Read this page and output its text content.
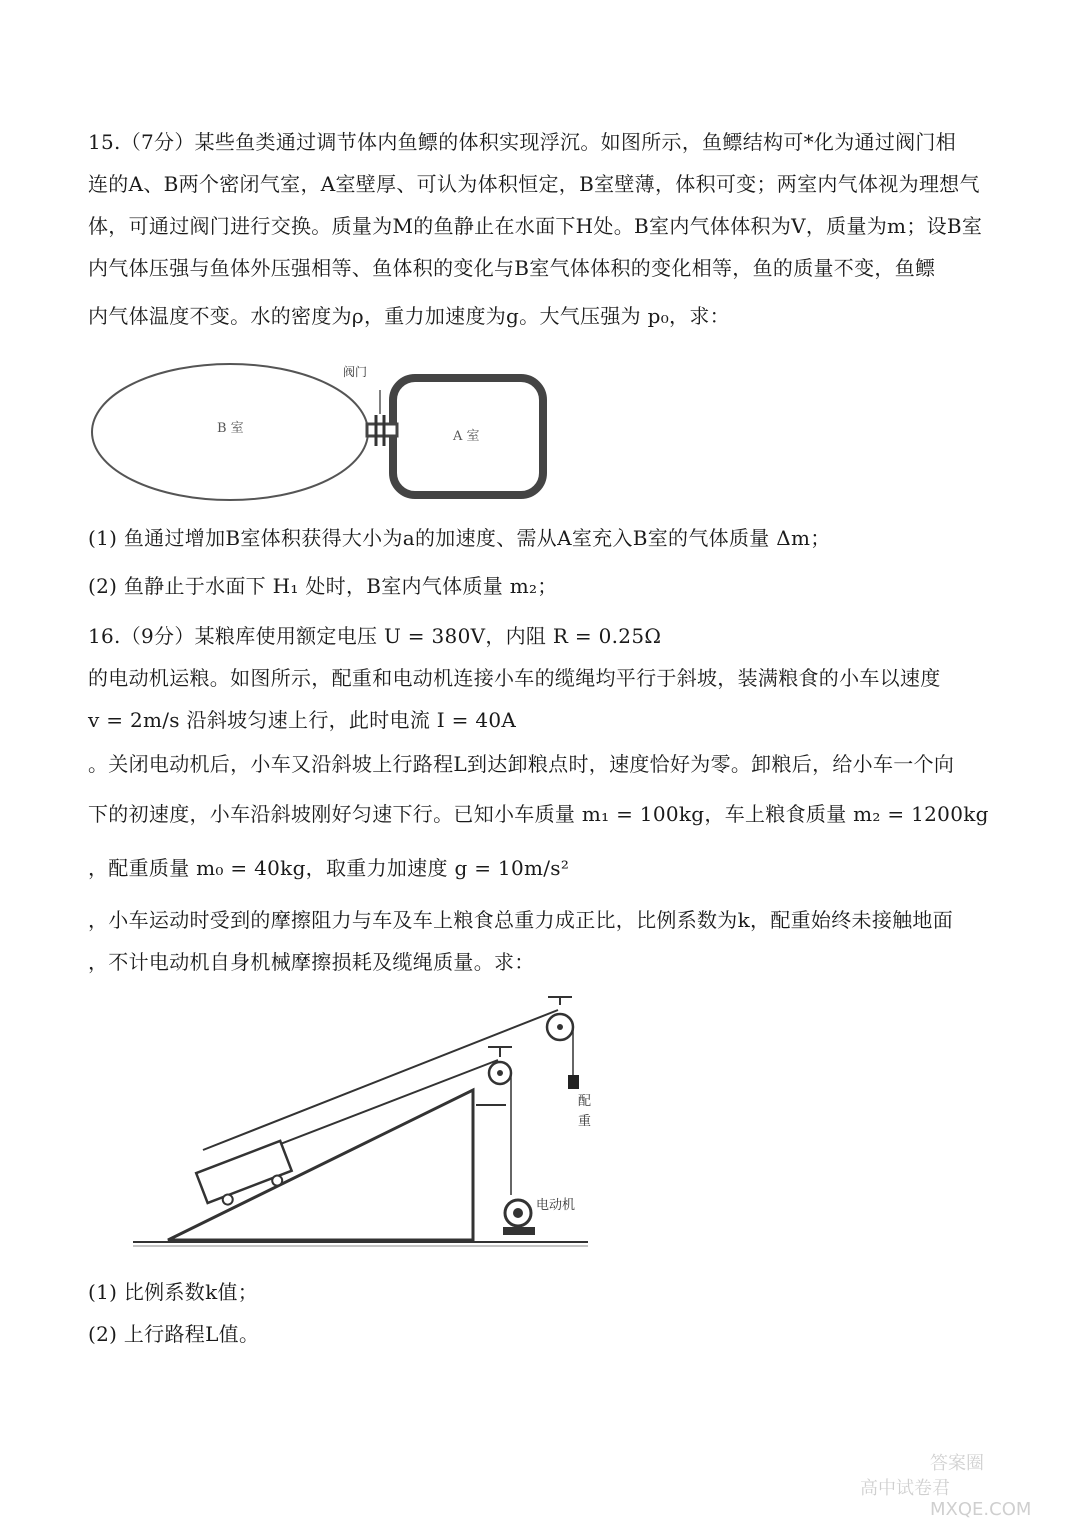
15.（7分）某些鱼类通过调节体内鱼鳔的体积实现浮沉。如图所示，鱼鳔结构可*化为通过阀门相
连的A、B两个密闭气室，A室壁厚、可认为体积恒定，B室壁薄，体积可变；两室内气体视为理想气
体，可通过阀门进行交换。质量为M的鱼静止在水面下H处。B室内气体体积为V，质量为m；设B室
内气体压强与鱼体外压强相等、鱼体积的变化与B室气体体积的变化相等，鱼的质量不变，鱼鳔
内气体温度不变。水的密度为ρ，重力加速度为g。大气压强为 p₀，求：
阀门
B 室
A 室
(1) 鱼通过增加B室体积获得大小为a的加速度、需从A室充入B室的气体质量 Δm；
(2) 鱼静止于水面下 H₁ 处时，B室内气体质量 m₂；
16.（9分）某粮库使用额定电压 U = 380V，内阻 R = 0.25Ω
的电动机运粮。如图所示，配重和电动机连接小车的缆绳均平行于斜坡，装满粮食的小车以速度
v = 2m/s 沿斜坡匀速上行，此时电流 I = 40A
。关闭电动机后，小车又沿斜坡上行路程L到达卸粮点时，速度恰好为零。卸粮后，给小车一个向
下的初速度，小车沿斜坡刚好匀速下行。已知小车质量 m₁ = 100kg，车上粮食质量 m₂ = 1200kg
，配重质量 m₀ = 40kg，取重力加速度 g = 10m/s²
，小车运动时受到的摩擦阻力与车及车上粮食总重力成正比，比例系数为k，配重始终未接触地面
，不计电动机自身机械摩擦损耗及缆绳质量。求：
配
重
电动机
(1) 比例系数k值；
(2) 上行路程L值。
答案圈
高中试卷君
MXQE.COM
